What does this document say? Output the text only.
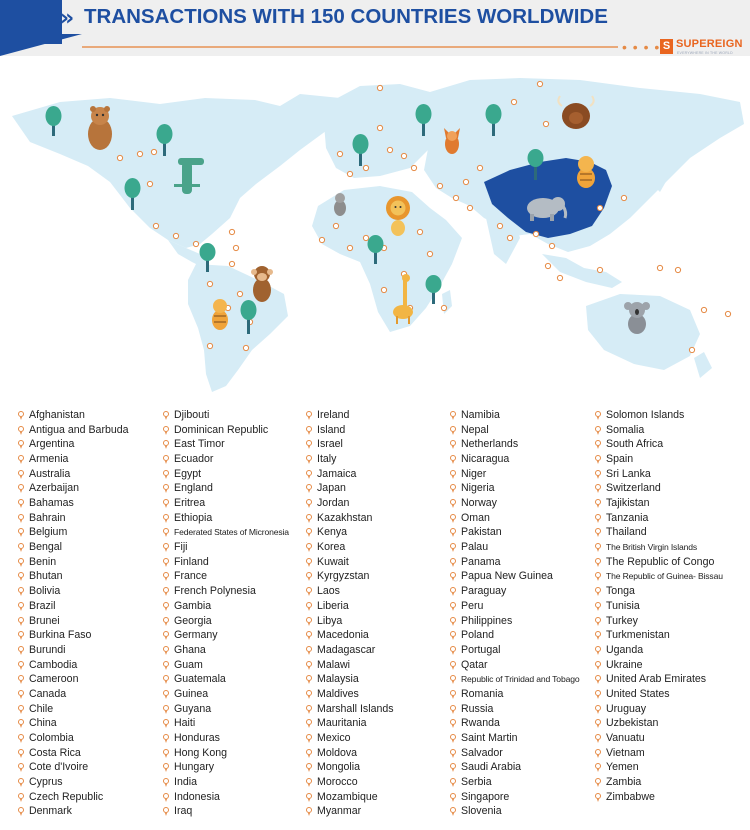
» TRANSACTIONS WITH 150 COUNTRIES WORLDWIDE
• • • • S SUPEREIGN
EVERYWHERE IN THE WORLD
Afghanistan
Antigua and Barbuda
Argentina
Armenia
Australia
Azerbaijan
Bahamas
Bahrain
Belgium
Bengal
Benin
Bhutan
Bolivia
Brazil
Brunei
Burkina Faso
Burundi
Cambodia
Cameroon
Canada
Chile
China
Colombia
Costa Rica
Cote d'Ivoire
Cyprus
Czech Republic
Denmark
Djibouti
Dominican Republic
East Timor
Ecuador
Egypt
England
Eritrea
Ethiopia
Federated States of Micronesia
Fiji
Finland
France
French Polynesia
Gambia
Georgia
Germany
Ghana
Guam
Guatemala
Guinea
Guyana
Haiti
Honduras
Hong Kong
Hungary
India
Indonesia
Iraq
Ireland
Island
Israel
Italy
Jamaica
Japan
Jordan
Kazakhstan
Kenya
Korea
Kuwait
Kyrgyzstan
Laos
Liberia
Libya
Macedonia
Madagascar
Malawi
Malaysia
Maldives
Marshall Islands
Mauritania
Mexico
Moldova
Mongolia
Morocco
Mozambique
Myanmar
Namibia
Nepal
Netherlands
Nicaragua
Niger
Nigeria
Norway
Oman
Pakistan
Palau
Panama
Papua New Guinea
Paraguay
Peru
Philippines
Poland
Portugal
Qatar
Republic of Trinidad and Tobago
Romania
Russia
Rwanda
Saint Martin
Salvador
Saudi Arabia
Serbia
Singapore
Slovenia
Solomon Islands
Somalia
South Africa
Spain
Sri Lanka
Switzerland
Tajikistan
Tanzania
Thailand
The British Virgin Islands
The Republic of Congo
The Republic of Guinea- Bissau
Tonga
Tunisia
Turkey
Turkmenistan
Uganda
Ukraine
United Arab Emirates
United States
Uruguay
Uzbekistan
Vanuatu
Vietnam
Yemen
Zambia
Zimbabwe
